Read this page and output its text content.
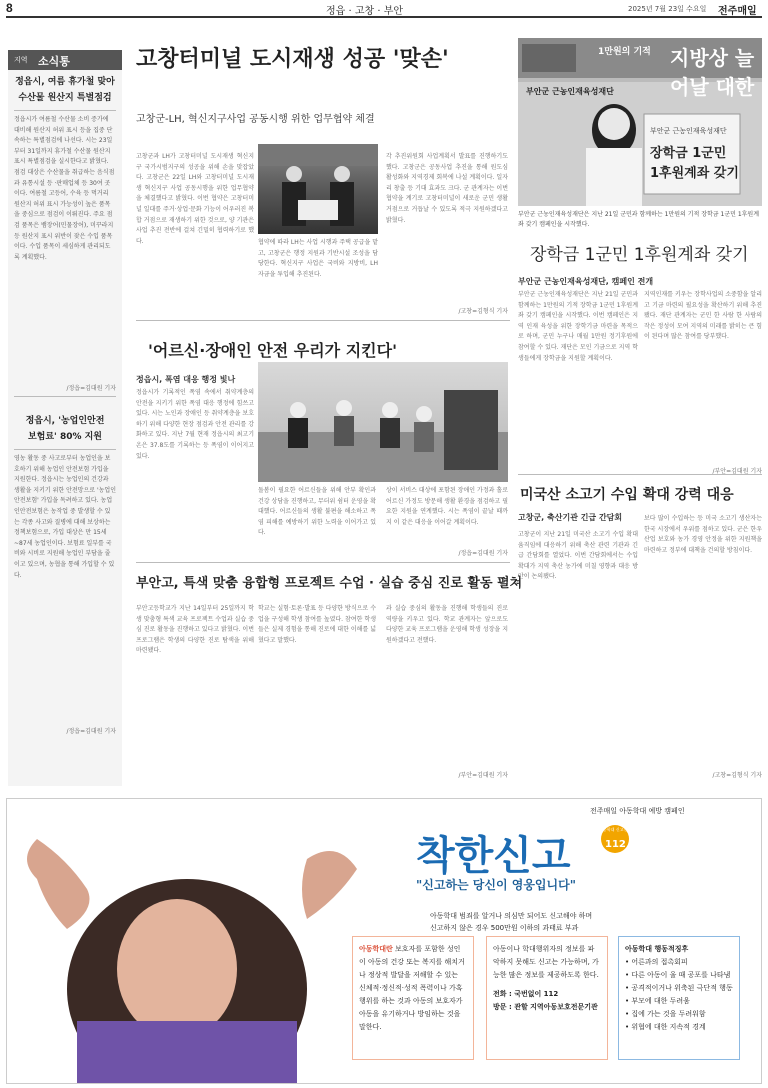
8	정읍 · 고창 · 부안	2025년 7월 23일 수요일 전주매일
정읍시, 여름 휴가철 맞아
수산물 원산지 특별점검
정읍시가 여름철 수산물 소비 증가에 대비해 원산지 허위 표시 등을 집중 단속하는 특별점검에 나선다. 시는 23일부터 31일까지 휴가철 수산물 원산지 표시 특별점검을 실시한다고 밝혔다. 점검 대상은 수산물을 취급하는 음식점과 유통시설 등 ·판매업체 등 30여 곳이다. 여름철 고등어, 수육 등 먹거리 원산지 허위 표시 가능성이 높은 품목을 중심으로 점검이 이뤄진다. 주요 점검 품목은 뱀장어(민물장어), 미꾸라지 등 원산지 표시 위반이 잦은 수입 품목이다. 수입 품목이 세심하게 관리되도록 계획했다.
/정읍=김대원 기자
정읍시, '농업인안전
보험료' 80% 지원
영농 활동 중 사고로부터 농업인을 보호하기 위해 농업인 안전보험 가입을 지원한다. 정읍시는 농업인의 건강과 생활을 지키기 위한 안전망으로 '농업인안전보험' 가입을 독려하고 있다. 농업인안전보험은 농작업 중 발생할 수 있는 각종 사고와 질병에 대해 보상하는 정책보험으로, 가입 대상은 만 15세~87세 농업인이다. 보험료 일부를 국비와 시비로 지원해 농업인 부담을 줄이고 있으며, 농협을 통해 가입할 수 있다.
/정읍=김대원 기자
지역 소식통	고창터미널 도시재생 성공 '맞손'
고창군-LH, 혁신지구사업 공동시행 위한 업무협약 체결
고창군과 LH가 고창터미널 도시재생 혁신지구 국가시범지구의 성공을 위해 손을 맞잡았다. 고창군은 22일 LH와 고창터미널 도시재생 혁신지구 사업 공동시행을 위한 업무협약을 체결했다고 밝혔다. 이번 협약은 고창터미널 일대를 주거·상업·문화 기능이 어우러진 복합 거점으로 재생하기 위한 것으로, 양 기관은 사업 추진 전반에 걸쳐 긴밀히 협력하기로 했다.	협약에 따라 LH는 사업 시행과 주택 공급을 맡고, 고창군은 행정 지원과 기반시설 조성을 담당한다. 혁신지구 사업은 국비와 지방비, LH 자금을 투입해 추진된다.
각 추진위원회 사업계획서 발표를 진행하기도 했다. 고창군은 공동사업 추진을 통해 원도심 활성화와 지역경제 회복에 나설 계획이다. 일자리 창출 등 기대 효과도 크다. 군 관계자는 이번 협약을 계기로 고창터미널이 새로운 군민 생활 거점으로 거듭날 수 있도록 적극 지원하겠다고 밝혔다.
/고창=김형식 기자
1만원의 기적 지방상 늘어날 대한
부안군 근농인재육성재단
부안군 근농인재육성재단
장학금 1군민
1후원계좌 갖기
부안군 근농인재육성재단은 지난 21일 군민과 함께하는 1만원의 기적 장학금 1군민 1후원계좌 갖기 캠페인을 시작했다.
장학금 1군민 1후원계좌 갖기
부안군 근농인재육성재단, 캠페인 전개
부안군 근농인재육성재단은 지난 21일 군민과 함께하는 1만원의 기적 장학금 1군민 1후원계좌 갖기 캠페인을 시작했다. 이번 캠페인은 지역 인재 육성을 위한 장학기금 마련을 목적으로 하며, 군민 누구나 매월 1만원 정기후원에 참여할 수 있다. 재단은 모인 기금으로 지역 학생들에게 장학금을 지원할 계획이다.
지역인재를 키우는 장학사업의 소중함을 알리고 기금 마련의 필요성을 확산하기 위해 추진됐다. 재단 관계자는 군민 한 사람 한 사람의 작은 정성이 모여 지역의 미래를 밝히는 큰 힘이 된다며 많은 참여를 당부했다.
/부안=김대원 기자
'어르신·장애인 안전 우리가 지킨다'
정읍시, 폭염 대응 행정 빛나
정읍시가 기록적인 폭염 속에서 취약계층의 안전을 지키기 위한 폭염 대응 행정에 힘쓰고 있다. 시는 노인과 장애인 등 취약계층을 보호하기 위해 다양한 현장 점검과 안전 관리를 강화하고 있다. 지난 7월 현재 정읍시의 최고기온은 37.8도를 기록하는 등 폭염이 이어지고 있다.
돌봄이 필요한 어르신들을 위해 안부 확인과 건강 상담을 진행하고, 무더위 쉼터 운영을 확대했다. 어르신들의 생활 불편을 해소하고 폭염 피해를 예방하기 위한 노력을 이어가고 있다.
상이 서비스 대상에 포함된 장애인 가정과 홀로 어르신 가정도 방문해 생활 환경을 점검하고 필요한 지원을 연계했다. 시는 폭염이 끝날 때까지 이 같은 대응을 이어갈 계획이다.
/정읍=김대원 기자
부안고, 특색 맞춤 융합형 프로젝트 수업 · 실습 중심 진로 활동 펼쳐
부안고등학교가 지난 14일부터 25일까지 학생 맞춤형 특색 교육 프로젝트 수업과 실습 중심 진로 활동을 진행하고 있다고 밝혔다. 이번 프로그램은 학생의 다양한 진로 탐색을 위해 마련됐다.
학교는 실험·토론·발표 등 다양한 방식으로 수업을 구성해 학생 참여를 높였다. 참여한 학생들은 실제 경험을 통해 진로에 대한 이해를 넓혔다고 말했다.
과 실습 중심의 활동을 진행해 학생들의 진로 역량을 키우고 있다. 학교 관계자는 앞으로도 다양한 교육 프로그램을 운영해 학생 성장을 지원하겠다고 전했다.
/부안=김대원 기자
미국산 소고기 수입 확대 강력 대응
고창군, 축산기관 긴급 간담회
고창군이 지난 21일 미국산 소고기 수입 확대 움직임에 대응하기 위해 축산 관련 기관과 긴급 간담회를 열었다. 이번 간담회에서는 수입 확대가 지역 축산 농가에 미칠 영향과 대응 방안이 논의됐다.
보다 많이 수입하는 등 미국 소고기 생산자는 한국 시장에서 우위를 점하고 있다. 군은 한우 산업 보호와 농가 경영 안정을 위한 지원책을 마련하고 정부에 대책을 건의할 방침이다.
/고창=김형식 기자
아동학대 신고전화
112
전주매일 아동학대 예방 캠페인
착한신고
"신고하는 당신이 영웅입니다"
아동학대 범죄를 알거나 의심만 되어도 신고해야 하며
신고하지 않은 경우 500만원 이하의 과태료 부과
아동학대란 보호자를 포함한 성인이 아동의 건강 또는 복지를 해치거나 정상적 발달을 저해할 수 있는 신체적·정신적·성적 폭력이나 가혹행위를 하는 것과 아동의 보호자가 아동을 유기하거나 방임하는 것을 말한다.
아동이나 학대행위자의 정보를 파악하지 못해도 신고는 가능하며, 가능한 많은 정보를 제공하도록 한다.
전화 : 국번없이 112
방문 : 관할 지역아동보호전문기관
아동학대 행동적징후
• 어른과의 접촉회피
• 다른 아동이 울 때 공포를 나타냄
• 공격적이거나 위축된 극단적 행동
• 부모에 대한 두려움
• 집에 가는 것을 두려워함
• 위협에 대한 지속적 경계
